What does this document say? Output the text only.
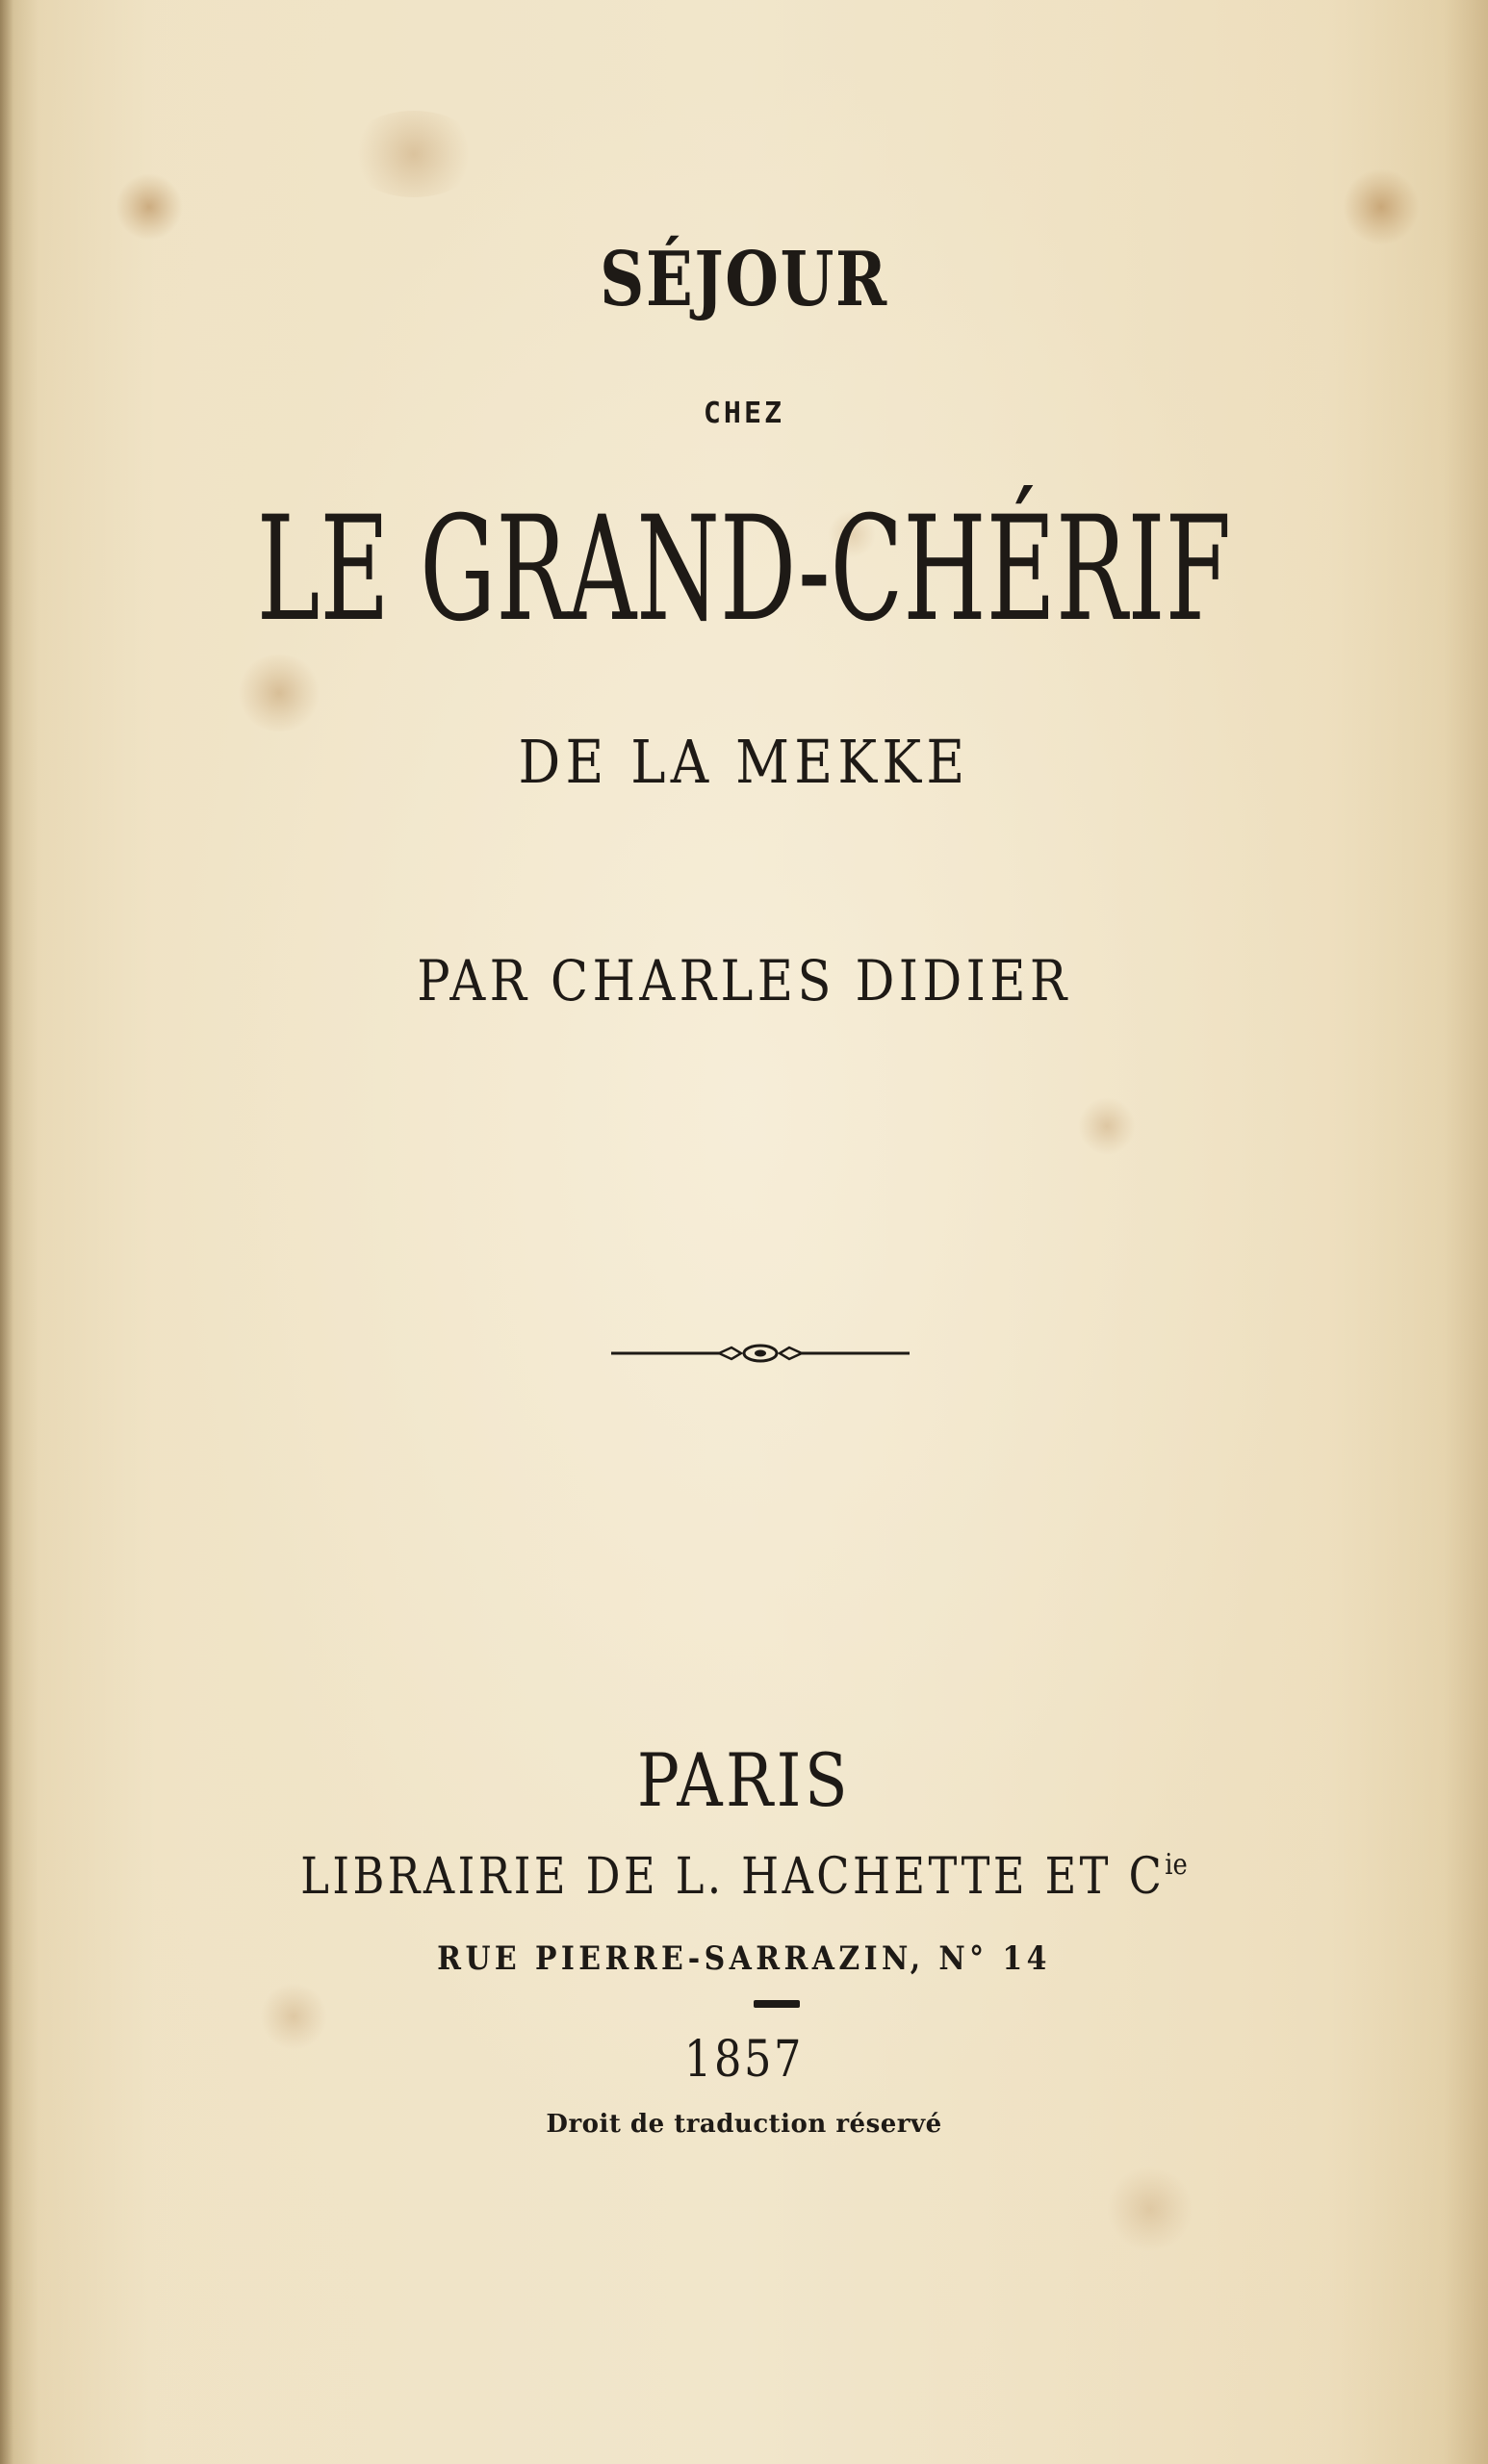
SÉJOUR
CHEZ
LE GRAND-CHÉRIF
DE LA MEKKE
PAR CHARLES DIDIER
PARIS
LIBRAIRIE DE L. HACHETTE ET $C^{ie}$
RUE PIERRE-SARRAZIN, N° 14
1857
Droit de traduction réservé
